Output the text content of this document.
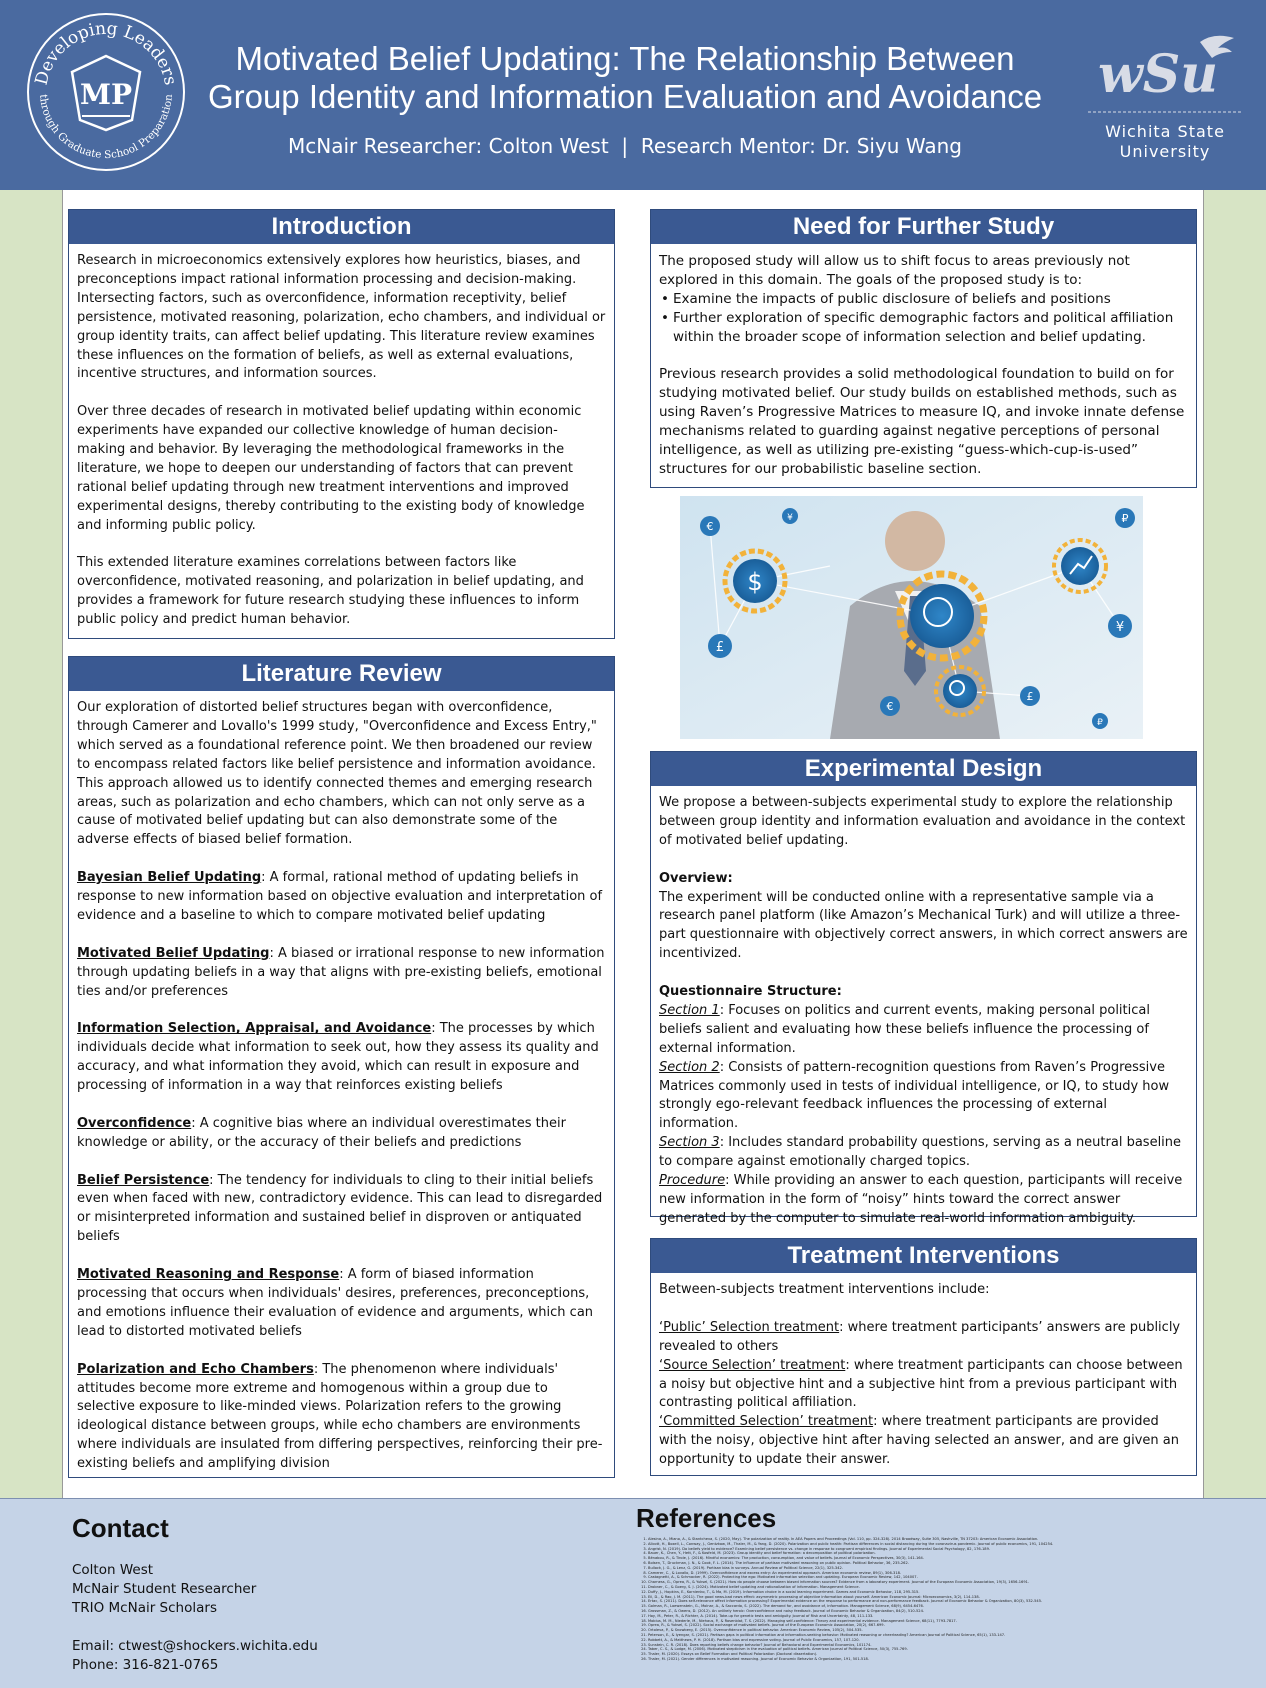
Developing Leaders
through Graduate School Preparation
MP
Motivated Belief Updating: The Relationship Between
Group Identity and Information Evaluation and Avoidance
McNair Researcher: Colton West  |  Research Mentor: Dr. Siyu Wang
wSu
Wichita State
University
Introduction

Research in microeconomics extensively explores how heuristics, biases, and preconceptions impact rational information processing and decision-making. Intersecting factors, such as overconfidence, information receptivity, belief persistence, motivated reasoning, polarization, echo chambers, and individual or group identity traits, can affect belief updating. This literature review examines these influences on the formation of beliefs, as well as external evaluations, incentive structures, and information sources.

Over three decades of research in motivated belief updating within economic experiments have expanded our collective knowledge of human decision-making and behavior. By leveraging the methodological frameworks in the literature, we hope to deepen our understanding of factors that can prevent rational belief updating through new treatment interventions and improved experimental designs, thereby contributing to the existing body of knowledge and informing public policy.

This extended literature examines correlations between factors like overconfidence, motivated reasoning, and polarization in belief updating, and provides a framework for future research studying these influences to inform public policy and predict human behavior.

Literature Review

Our exploration of distorted belief structures began with overconfidence, through Camerer and Lovallo's 1999 study, "Overconfidence and Excess Entry," which served as a foundational reference point. We then broadened our review to encompass related factors like belief persistence and information avoidance. This approach allowed us to identify connected themes and emerging research areas, such as polarization and echo chambers, which can not only serve as a cause of motivated belief updating but can also demonstrate some of the adverse effects of biased belief formation.

Bayesian Belief Updating: A formal, rational method of updating beliefs in response to new information based on objective evaluation and interpretation of evidence and a baseline to which to compare motivated belief updating

Motivated Belief Updating: A biased or irrational response to new information through updating beliefs in a way that aligns with pre-existing beliefs, emotional ties and/or preferences

Information Selection, Appraisal, and Avoidance: The processes by which individuals decide what information to seek out, how they assess its quality and accuracy, and what information they avoid, which can result in exposure and processing of information in a way that reinforces existing beliefs

Overconfidence: A cognitive bias where an individual overestimates their knowledge or ability, or the accuracy of their beliefs and predictions

Belief Persistence: The tendency for individuals to cling to their initial beliefs even when faced with new, contradictory evidence. This can lead to disregarded or misinterpreted information and sustained belief in disproven or antiquated beliefs

Motivated Reasoning and Response: A form of biased information processing that occurs when individuals' desires, preferences, preconceptions, and emotions influence their evaluation of evidence and arguments, which can lead to distorted motivated beliefs

Polarization and Echo Chambers: The phenomenon where individuals' attitudes become more extreme and homogenous within a group due to selective exposure to like-minded views. Polarization refers to the growing ideological distance between groups, while echo chambers are environments where individuals are insulated from differing perspectives, reinforcing their pre-existing beliefs and amplifying division

Need for Further Study

The proposed study will allow us to shift focus to areas previously not explored in this domain. The goals of the proposed study is to:

• Examine the impacts of public disclosure of beliefs and positions
• Further exploration of specific demographic factors and political affiliation within the broader scope of information selection and belief updating.

Previous research provides a solid methodological foundation to build on for studying motivated belief. Our study builds on established methods, such as using Raven’s Progressive Matrices to measure IQ, and invoke innate defense mechanisms related to guarding against negative perceptions of personal intelligence, as well as utilizing pre-existing “guess-which-cup-is-used” structures for our probabilistic baseline section.

$
€
£
¥
₽
€
£
¥
₽
Experimental Design

We propose a between-subjects experimental study to explore the relationship between group identity and information evaluation and avoidance in the context of motivated belief updating.

Overview:

The experiment will be conducted online with a representative sample via a research panel platform (like Amazon’s Mechanical Turk) and will utilize a three-part questionnaire with objectively correct answers, in which correct answers are incentivized.

Questionnaire Structure:

Section 1: Focuses on politics and current events, making personal political beliefs salient and evaluating how these beliefs influence the processing of external information.

Section 2: Consists of pattern-recognition questions from Raven’s Progressive Matrices commonly used in tests of individual intelligence, or IQ, to study how strongly ego-relevant feedback influences the processing of external information.

Section 3: Includes standard probability questions, serving as a neutral baseline to compare against emotionally charged topics.

Procedure: While providing an answer to each question, participants will receive new information in the form of “noisy” hints toward the correct answer generated by the computer to simulate real-world information ambiguity.

Treatment Interventions

Between-subjects treatment interventions include:

‘Public’ Selection treatment: where treatment participants’ answers are publicly revealed to others

‘Source Selection’ treatment: where treatment participants can choose between a noisy but objective hint and a subjective hint from a previous participant with contrasting political affiliation.

‘Committed Selection’ treatment: where treatment participants are provided with the noisy, objective hint after having selected an answer, and are given an opportunity to update their answer.

Contact
Colton West
McNair Student Researcher
TRIO McNair Scholars
Email: ctwest@shockers.wichita.edu
Phone: 316-821-0765
References
1. Alesina, A., Miano, A., & Stantcheva, S. (2020, May). The polarization of reality. In AEA Papers and Proceedings (Vol. 110, pp. 324-328). 2014 Broadway, Suite 305, Nashville, TN 37203: American Economic Association.
2. Allcott, H., Boxell, L., Conway, J., Gentzkow, M., Thaler, M., & Yang, D. (2020). Polarization and public health: Partisan differences in social distancing during the coronavirus pandemic. Journal of public economics, 191, 104254.
3. Angrist, N. (2019). Do beliefs yield to evidence? Examining belief persistence vs. change in response to congruent empirical findings. Journal of Experimental Social Psychology, 82, 176-189.
4. Bauer, K., Chen, Y., Hett, F., & Kosfeld, M. (2023). Group identity and belief formation: a decomposition of political polarization.
5. Bénabou, R., & Tirole, J. (2016). Mindful economics: The production, consumption, and value of beliefs. Journal of Economic Perspectives, 30(3), 141-164.
6. Bolsen, T., Druckman, J. N., & Cook, F. L. (2014). The influence of partisan motivated reasoning on public opinion. Political Behavior, 36, 235-262.
7. Bullock, J. G., & Lenz, G. (2019). Partisan bias in surveys. Annual Review of Political Science, 22(1), 325-342.
8. Camerer, C., & Lovallo, D. (1999). Overconfidence and excess entry: An experimental approach. American economic review, 89(1), 306-318.
9. Castagnetti, A., & Schmacker, R. (2022). Protecting the ego: Motivated information selection and updating. European Economic Review, 142, 104007.
10. Charness, G., Oprea, R., & Yuksel, S. (2021). How do people choose between biased information sources? Evidence from a laboratory experiment. Journal of the European Economic Association, 19(3), 1656-1691.
11. Drobner, C., & Goerg, S. J. (2024). Motivated belief updating and rationalization of information. Management Science.
12. Duffy, J., Hopkins, E., Kornienko, T., & Ma, M. (2019). Information choice in a social learning experiment. Games and Economic Behavior, 118, 295-315.
13. Eil, D., & Rao, J. M. (2011). The good news-bad news effect: asymmetric processing of objective information about yourself. American Economic Journal: Microeconomics, 3(2), 114-138.
14. Ertac, S. (2011). Does self-relevance affect information processing? Experimental evidence on the response to performance and non-performance feedback. Journal of Economic Behavior & Organization, 80(3), 532-545.
15. Golman, R., Loewenstein, G., Molnar, A., & Saccardo, S. (2022). The demand for, and avoidance of, information. Management Science, 68(9), 6454-6476.
16. Grossman, Z., & Owens, D. (2012). An unlikely heroic: Overconfidence and noisy feedback. Journal of Economic Behavior & Organization, 84(2), 510-524.
17. Hoy, M., Peter, R., & Richter, A. (2014). Take-up for genetic tests and ambiguity. Journal of Risk and Uncertainty, 48, 111-133.
18. Mobius, M. M., Niederle, M., Niehaus, P., & Rosenblat, T. S. (2022). Managing self-confidence: Theory and experimental evidence. Management Science, 68(11), 7793-7817.
19. Oprea, R., & Yuksel, S. (2022). Social exchange of motivated beliefs. Journal of the European Economic Association, 20(2), 667-699.
20. Ortoleva, P., & Snowberg, E. (2015). Overconfidence in political behavior. American Economic Review, 105(2), 504-535.
21. Peterson, E., & Iyengar, S. (2021). Partisan gaps in political information and information-seeking behavior: Motivated reasoning or cheerleading? American Journal of Political Science, 65(1), 133-147.
22. Robbett, A., & Matthews, P. H. (2018). Partisan bias and expressive voting. Journal of Public Economics, 157, 107-120.
23. Sunstein, C. R. (2018). Does reporting beliefs change behavior? Journal of Behavioral and Experimental Economics, 101174.
24. Taber, C. S., & Lodge, M. (2006). Motivated skepticism in the evaluation of political beliefs. American Journal of Political Science, 50(3), 755-769.
25. Thaler, M. (2020). Essays on Belief Formation and Political Polarization (Doctoral dissertation).
26. Thaler, M. (2021). Gender differences in motivated reasoning. Journal of Economic Behavior & Organization, 191, 501-518.
